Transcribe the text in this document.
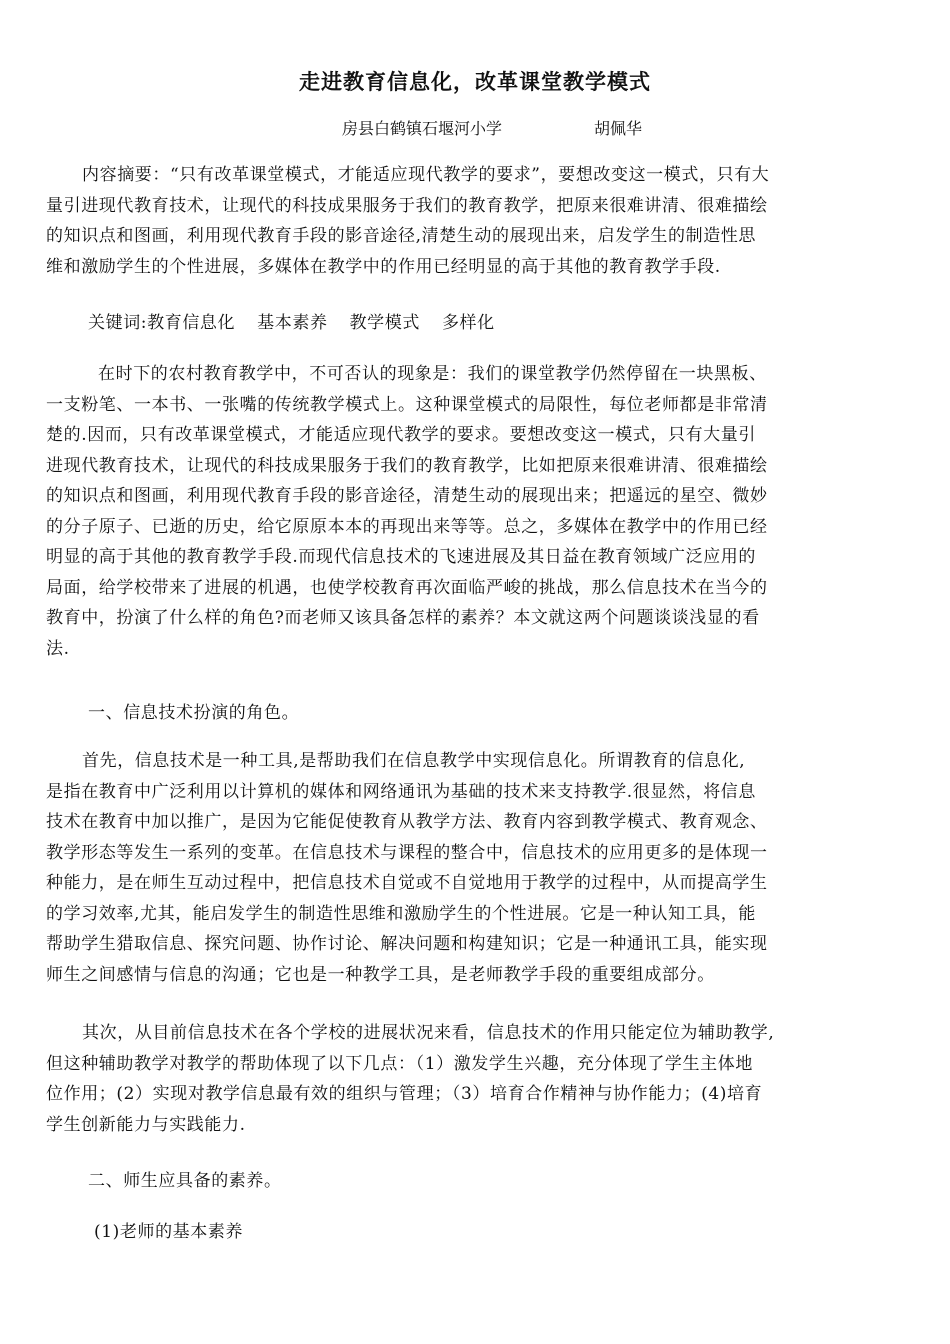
走进教育信息化，改革课堂教学模式
房县白鹤镇石堰河小学	胡佩华
内容摘要：“只有改革课堂模式，才能适应现代教学的要求”，要想改变这一模式，只有大
量引进现代教育技术，让现代的科技成果服务于我们的教育教学，把原来很难讲清、很难描绘
的知识点和图画，利用现代教育手段的影音途径,清楚生动的展现出来，启发学生的制造性思
维和激励学生的个性进展，多媒体在教学中的作用已经明显的高于其他的教育教学手段.
关键词:教育信息化 基本素养 教学模式 多样化
在时下的农村教育教学中，不可否认的现象是：我们的课堂教学仍然停留在一块黑板、
一支粉笔、一本书、一张嘴的传统教学模式上。这种课堂模式的局限性，每位老师都是非常清
楚的.因而，只有改革课堂模式，才能适应现代教学的要求。要想改变这一模式，只有大量引
进现代教育技术，让现代的科技成果服务于我们的教育教学，比如把原来很难讲清、很难描绘
的知识点和图画，利用现代教育手段的影音途径，清楚生动的展现出来；把遥远的星空、微妙
的分子原子、已逝的历史，给它原原本本的再现出来等等。总之，多媒体在教学中的作用已经
明显的高于其他的教育教学手段.而现代信息技术的飞速进展及其日益在教育领域广泛应用的
局面，给学校带来了进展的机遇，也使学校教育再次面临严峻的挑战，那么信息技术在当今的
教育中，扮演了什么样的角色?而老师又该具备怎样的素养？本文就这两个问题谈谈浅显的看
法.
一、信息技术扮演的角色。
首先，信息技术是一种工具,是帮助我们在信息教学中实现信息化。所谓教育的信息化,
是指在教育中广泛利用以计算机的媒体和网络通讯为基础的技术来支持教学.很显然，将信息
技术在教育中加以推广，是因为它能促使教育从教学方法、教育内容到教学模式、教育观念、
教学形态等发生一系列的变革。在信息技术与课程的整合中，信息技术的应用更多的是体现一
种能力，是在师生互动过程中，把信息技术自觉或不自觉地用于教学的过程中，从而提高学生
的学习效率,尤其，能启发学生的制造性思维和激励学生的个性进展。它是一种认知工具，能
帮助学生猎取信息、探究问题、协作讨论、解决问题和构建知识；它是一种通讯工具，能实现
师生之间感情与信息的沟通；它也是一种教学工具，是老师教学手段的重要组成部分。
其次，从目前信息技术在各个学校的进展状况来看，信息技术的作用只能定位为辅助教学,
但这种辅助教学对教学的帮助体现了以下几点：（1）激发学生兴趣，充分体现了学生主体地
位作用；(2）实现对教学信息最有效的组织与管理；（3）培育合作精神与协作能力；(4)培育
学生创新能力与实践能力.
二、师生应具备的素养。
(1)老师的基本素养
